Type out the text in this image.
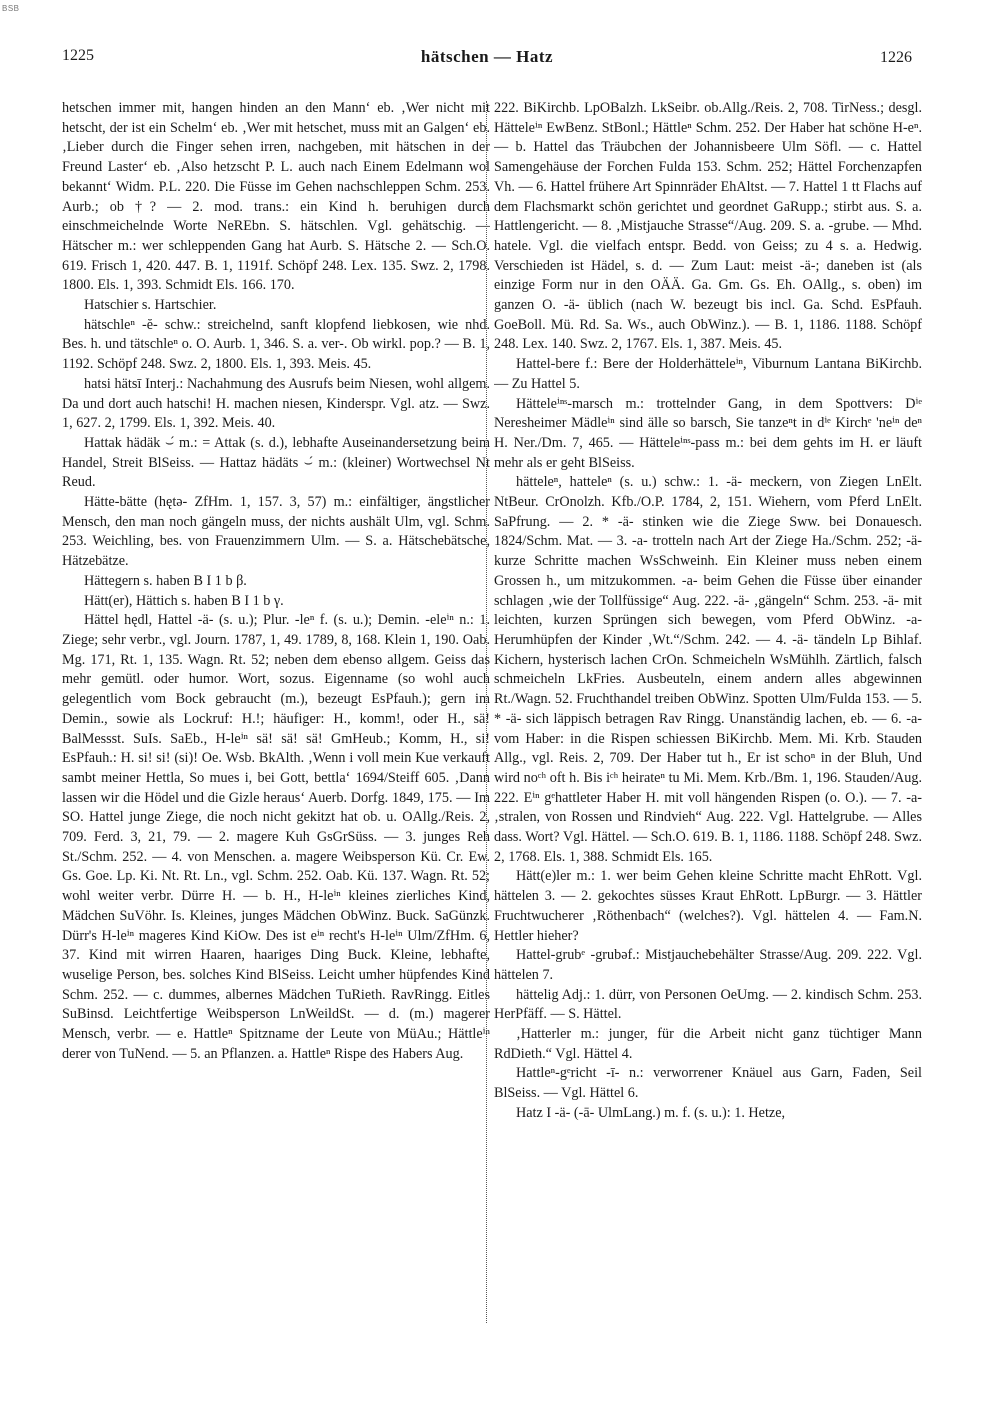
BSB
1225	hätschen — Hatz	1226

hetschen immer mit, hangen hinden an den Mann‘ eb. ‚Wer nicht mit hetscht, der ist ein Schelm‘ eb. ‚Wer mit hetschet, muss mit an Galgen‘ eb. ‚Lieber durch die Finger sehen irren, nachgeben, mit hätschen in der Freund Laster‘ eb. ‚Also hetzscht P. L. auch nach Einem Edelmann wol bekannt‘ Widm. P.L. 220. Die Füsse im Gehen nachschleppen Schm. 253. Aurb.; ob †? — 2. mod. trans.: ein Kind h. beruhigen durch einschmeichelnde Worte NeREbn. S. hätschlen. Vgl. gehätschig. — Hätscher m.: wer schleppenden Gang hat Aurb. S. Hätsche 2. — Sch.O. 619. Frisch 1, 420. 447. B. 1, 1191f. Schöpf 248. Lex. 135. Swz. 2, 1798. 1800. Els. 1, 393. Schmidt Els. 166. 170.

Hatschier s. Hartschier.

hätschleⁿ -ĕ- schw.: streichelnd, sanft klopfend liebkosen, wie nhd. Bes. h. und tätschleⁿ o. O. Aurb. 1, 346. S. a. ver-. Ob wirkl. pop.? — B. 1, 1192. Schöpf 248. Swz. 2, 1800. Els. 1, 393. Meis. 45.

hatsi hätsī Interj.: Nachahmung des Ausrufs beim Niesen, wohl allgem. Da und dort auch hatschi! H. machen niesen, Kinderspr. Vgl. atz. — Swz. 1, 627. 2, 1799. Els. 1, 392. Meis. 40.

Hattak hädäk ⌣́ m.: = Attak (s. d.), lebhafte Auseinandersetzung beim Handel, Streit BlSeiss. — Hattaz hädäts ⌣́ m.: (kleiner) Wortwechsel Nt Reud.

Hätte-bätte (hętə- ZfHm. 1, 157. 3, 57) m.: einfältiger, ängstlicher Mensch, den man noch gängeln muss, der nichts aushält Ulm, vgl. Schm. 253. Weichling, bes. von Frauenzimmern Ulm. — S. a. Hätschebätsche, Hätzebätze.

Hättegern s. haben B I 1 b β.

Hätt(er), Hättich s. haben B I 1 b γ.

Hättel hędl, Hattel -ä- (s. u.); Plur. -leⁿ f. (s. u.); Demin. -eleⁱⁿ n.: 1. Ziege; sehr verbr., vgl. Journ. 1787, 1, 49. 1789, 8, 168. Klein 1, 190. Oab. Mg. 171, Rt. 1, 135. Wagn. Rt. 52; neben dem ebenso allgem. Geiss das mehr gemütl. oder humor. Wort, sozus. Eigenname (so wohl auch gelegentlich vom Bock gebraucht (m.), bezeugt EsPfauh.); gern im Demin., sowie als Lockruf: H.!; häufiger: H., komm!, oder H., sä! BalMessst. SuIs. SaEb., H-leⁱⁿ sä! sä! sä! GmHeub.; Komm, H., si! EsPfauh.: H. si! si! (si)! Oe. Wsb. BkAlth. ‚Wenn i voll mein Kue verkauft sambt meiner Hettla, So mues i, bei Gott, bettla‘ 1694/Steiff 605. ‚Dann lassen wir die Hödel und die Gizle heraus‘ Auerb. Dorfg. 1849, 175. — Im SO. Hattel junge Ziege, die noch nicht gekitzt hat ob. u. OAllg./Reis. 2, 709. Ferd. 3, 21, 79. — 2. magere Kuh GsGrSüss. — 3. junges Reh St./Schm. 252. — 4. von Menschen. a. magere Weibsperson Kü. Cr. Ew. Gs. Goe. Lp. Ki. Nt. Rt. Ln., vgl. Schm. 252. Oab. Kü. 137. Wagn. Rt. 52; wohl weiter verbr. Dürre H. — b. H., H-leⁱⁿ kleines zierliches Kind, Mädchen SuVöhr. Is. Kleines, junges Mädchen ObWinz. Buck. SaGünzk. Dürr's H-leⁱⁿ mageres Kind KiOw. Des ist eⁱⁿ recht's H-leⁱⁿ Ulm/ZfHm. 6, 37. Kind mit wirren Haaren, haariges Ding Buck. Kleine, lebhafte, wuselige Person, bes. solches Kind BlSeiss. Leicht umher hüpfendes Kind Schm. 252. — c. dummes, albernes Mädchen TuRieth. RavRingg. Eitles SuBinsd. Leichtfertige Weibsperson LnWeildSt. — d. (m.) magerer Mensch, verbr. — e. Hattleⁿ Spitzname der Leute von MüAu.; Hättleⁱⁿ derer von TuNend. — 5. an Pflanzen. a. Hattleⁿ Rispe des Habers Aug.

222. BiKirchb. LpOBalzh. LkSeibr. ob.Allg./Reis. 2, 708. TirNess.; desgl. Hätteleⁱⁿ EwBenz. StBonl.; Hättleⁿ Schm. 252. Der Haber hat schöne H-eⁿ. — b. Hattel das Träubchen der Johannisbeere Ulm Söfl. — c. Hattel Samengehäuse der Forchen Fulda 153. Schm. 252; Hättel Forchenzapfen Vh. — 6. Hattel frühere Art Spinnräder EhAltst. — 7. Hattel 1 tt Flachs auf dem Flachsmarkt schön gerichtet und geordnet GaRupp.; stirbt aus. S. a. Hattlengericht. — 8. ‚Mistjauche Strasse“/Aug. 209. S. a. -grube. — Mhd. hatele. Vgl. die vielfach entspr. Bedd. von Geiss; zu 4 s. a. Hedwig. Verschieden ist Hädel, s. d. — Zum Laut: meist -ä-; daneben ist (als einzige Form nur in den OÄÄ. Ga. Gm. Gs. Eh. OAllg., s. oben) im ganzen O. -ä- üblich (nach W. bezeugt bis incl. Ga. Schd. EsPfauh. GoeBoll. Mü. Rd. Sa. Ws., auch ObWinz.). — B. 1, 1186. 1188. Schöpf 248. Lex. 140. Swz. 2, 1767. Els. 1, 387. Meis. 45.

Hattel-bere f.: Bere der Holderhätteleⁱⁿ, Viburnum Lantana BiKirchb. — Zu Hattel 5.

Hätteleⁱⁿˢ-marsch m.: trottelnder Gang, in dem Spottvers: Dⁱᵉ Neresheimer Mädleⁱⁿ sind älle so barsch, Sie tanzeⁿt in dⁱᵉ Kirchᵉ 'neⁱⁿ deⁿ H. Ner./Dm. 7, 465. — Hätteleⁱⁿˢ-pass m.: bei dem gehts im H. er läuft mehr als er geht BlSeiss.

hätteleⁿ, hatteleⁿ (s. u.) schw.: 1. -ä- meckern, von Ziegen LnElt. NtBeur. CrOnolzh. Kfb./O.P. 1784, 2, 151. Wiehern, vom Pferd LnElt. SaPfrung. — 2. * -ä- stinken wie die Ziege Sww. bei Donauesch. 1824/Schm. Mat. — 3. -a- trotteln nach Art der Ziege Ha./Schm. 252; -ä- kurze Schritte machen WsSchweinh. Ein Kleiner muss neben einem Grossen h., um mitzukommen. -a- beim Gehen die Füsse über einander schlagen ‚wie der Tollfüssige“ Aug. 222. -ä- ‚gängeln“ Schm. 253. -ä- mit leichten, kurzen Sprüngen sich bewegen, vom Pferd ObWinz. -a- Herumhüpfen der Kinder ‚Wt.“/Schm. 242. — 4. -ä- tändeln Lp Bihlaf. Kichern, hysterisch lachen CrOn. Schmeicheln WsMühlh. Zärtlich, falsch schmeicheln LkFries. Ausbeuteln, einem andern alles abgewinnen Rt./Wagn. 52. Fruchthandel treiben ObWinz. Spotten Ulm/Fulda 153. — 5. * -ä- sich läppisch betragen Rav Ringg. Unanständig lachen, eb. — 6. -a- vom Haber: in die Rispen schiessen BiKirchb. Mem. Mi. Krb. Stauden Allg., vgl. Reis. 2, 709. Der Haber tut h., Er ist schoⁿ in der Bluh, Und wird noᶜʰ oft h. Bis iᶜʰ heirateⁿ tu Mi. Mem. Krb./Bm. 1, 196. Stauden/Aug. 222. Eⁱⁿ gᵉhattleter Haber H. mit voll hängenden Rispen (o. O.). — 7. -a- ‚stralen, von Rossen und Rindvieh“ Aug. 222. Vgl. Hattelgrube. — Alles dass. Wort? Vgl. Hättel. — Sch.O. 619. B. 1, 1186. 1188. Schöpf 248. Swz. 2, 1768. Els. 1, 388. Schmidt Els. 165.

Hätt(e)ler m.: 1. wer beim Gehen kleine Schritte macht EhRott. Vgl. hättelen 3. — 2. gekochtes süsses Kraut EhRott. LpBurgr. — 3. Hättler Fruchtwucherer ‚Röthenbach“ (welches?). Vgl. hättelen 4. — Fam.N. Hettler hieher?

Hattel-grubᵉ -grubəf.: Mistjauchebehälter Strasse/Aug. 209. 222. Vgl. hättelen 7.

hättelig Adj.: 1. dürr, von Personen OeUmg. — 2. kindisch Schm. 253. HerPfäff. — S. Hättel.

‚Hatterler m.: junger, für die Arbeit nicht ganz tüchtiger Mann RdDieth.“ Vgl. Hättel 4.

Hattleⁿ-gᵉricht -ī- n.: verworrener Knäuel aus Garn, Faden, Seil BlSeiss. — Vgl. Hättel 6.

Hatz I -ä- (-ā- UlmLang.) m. f. (s. u.): 1. Hetze,
